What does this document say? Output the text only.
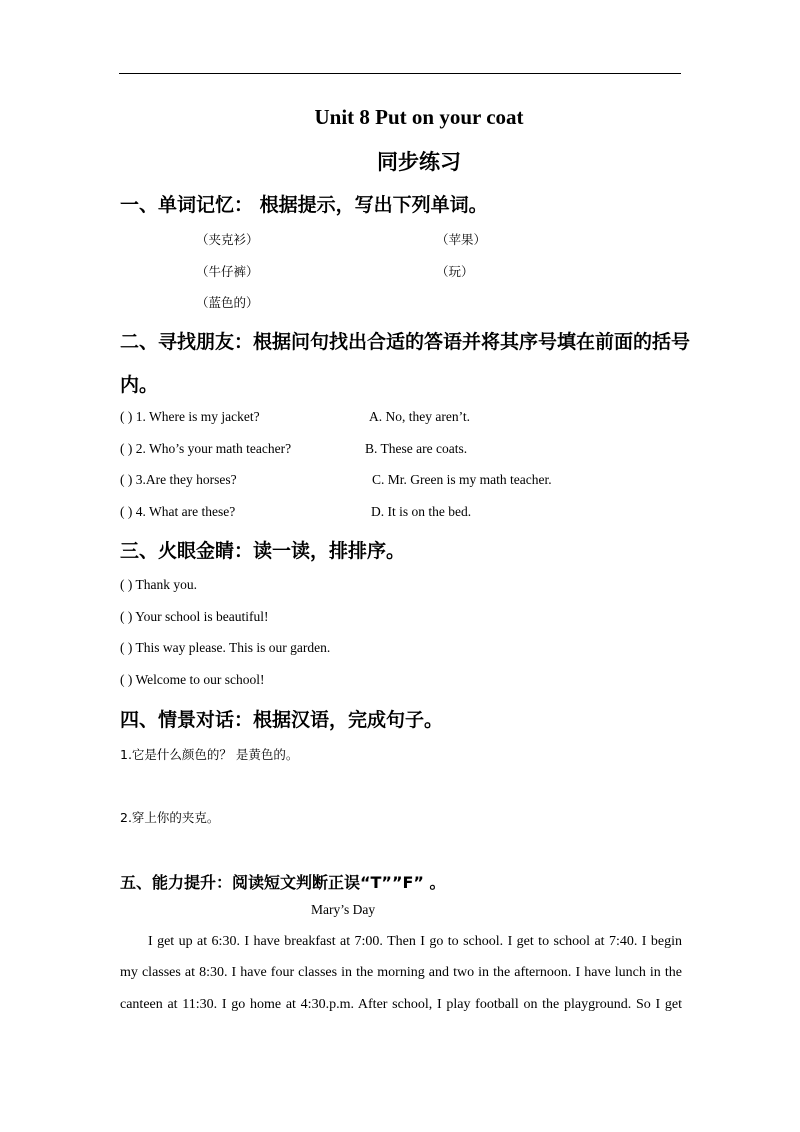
Unit 8 Put on your coat
同步练习
一、单词记忆： 根据提示，写出下列单词。
（夹克衫）	（苹果）
（牛仔裤）	（玩）
（蓝色的）
二、寻找朋友：根据问句找出合适的答语并将其序号填在前面的括号
内。
( ) 1. Where is my jacket?	A. No, they aren’t.
( ) 2. Who’s your math teacher?	B. These are coats.
( ) 3.Are they horses?	C. Mr. Green is my math teacher.
( ) 4. What are these?	D. It is on the bed.
三、火眼金睛：读一读，排排序。
( ) Thank you.
( ) Your school is beautiful!
( ) This way please. This is our garden.
( ) Welcome to our school!
四、情景对话：根据汉语，完成句子。
1.它是什么颜色的？ 是黄色的。
2.穿上你的夹克。
五、能力提升：阅读短文判断正误“T””F” 。
Mary’s Day
I get up at 6:30. I have breakfast at 7:00. Then I go to school. I get to school at 7:40. I begin
my classes at 8:30. I have four classes in the morning and two in the afternoon. I have lunch in the
canteen at 11:30. I go home at 4:30.p.m. After school, I play football on the playground. So I get
